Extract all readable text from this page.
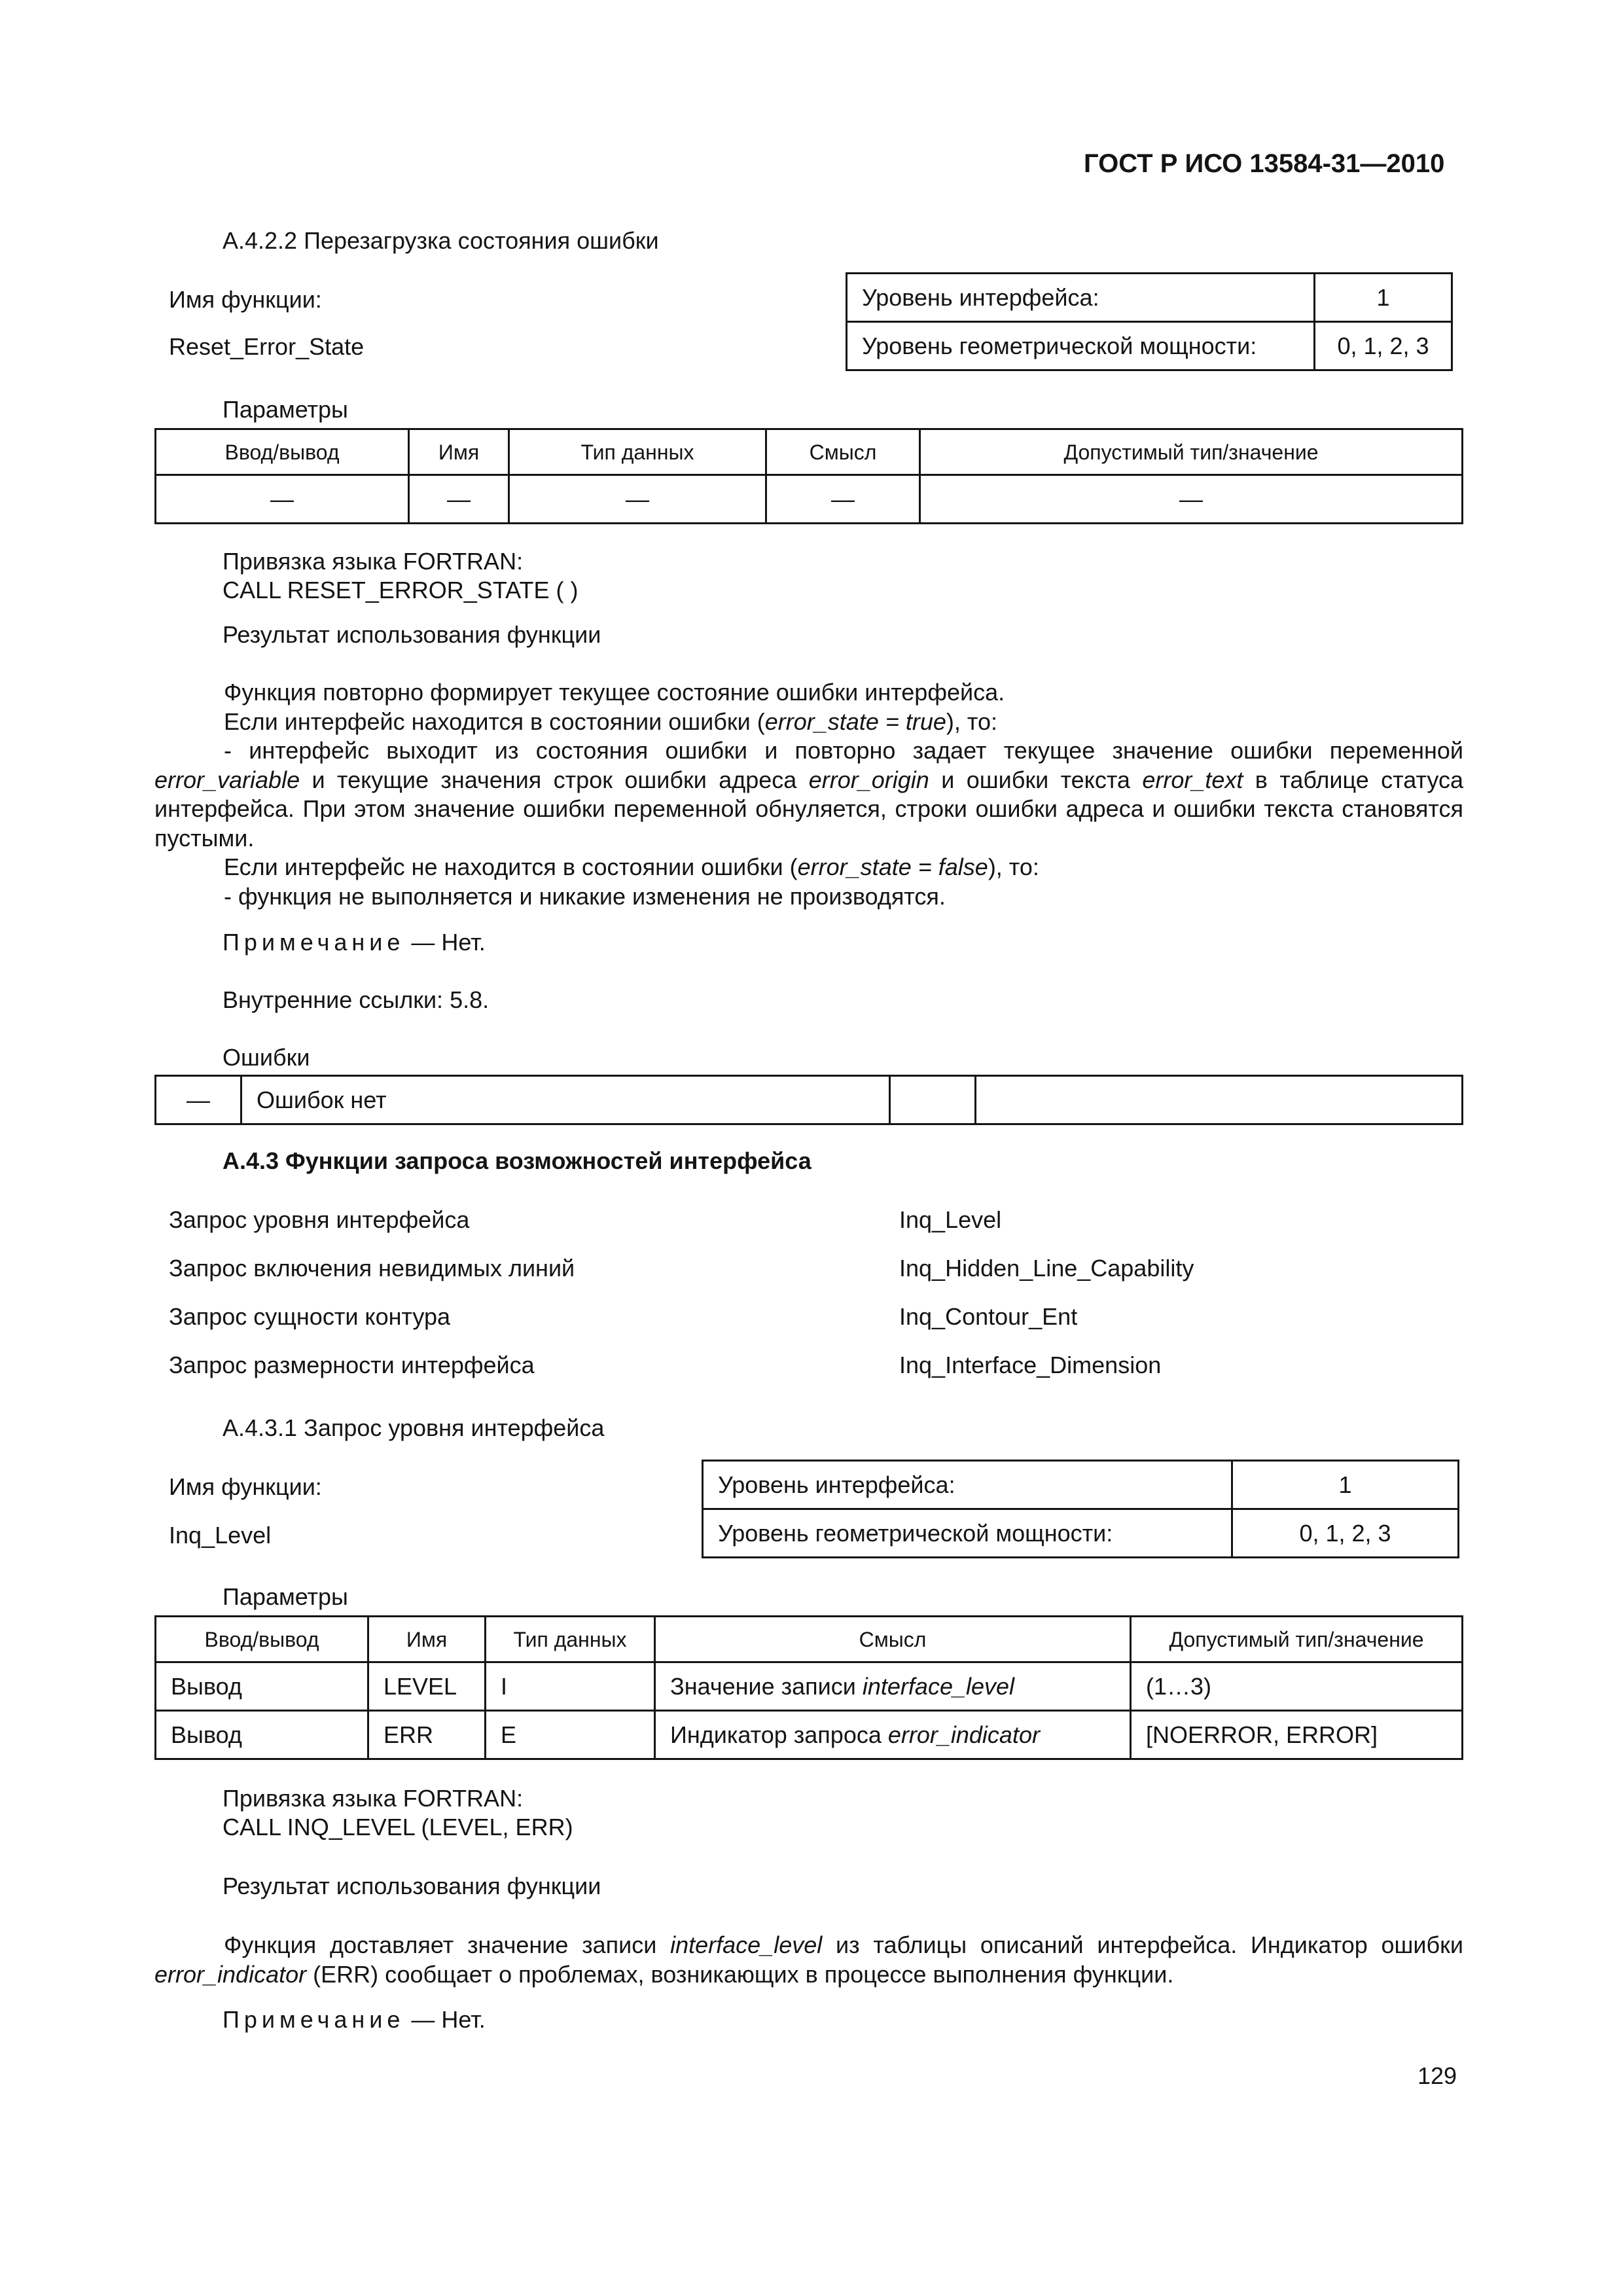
ГОСТ Р ИСО 13584-31—2010
А.4.2.2 Перезагрузка состояния ошибки
Имя функции:
Reset_Error_State
Уровень интерфейса:	1
Уровень геометрической мощности:	0, 1, 2, 3
Параметры
Ввод/вывод	Имя	Тип данных	Смысл	Допустимый тип/значение
—	—	—	—	—
Привязка языка FORTRAN:
CALL RESET_ERROR_STATE ( )
Результат использования функции

Функция повторно формирует текущее состояние ошибки интерфейса.

Если интерфейс находится в состоянии ошибки (error_state = true), то:

- интерфейс выходит из состояния ошибки и повторно задает текущее значение ошибки переменной error_variable и текущие значения строк ошибки адреса error_origin и ошибки текста error_text в таблице статуса интерфейса. При этом значение ошибки переменной обнуляется, строки ошибки адреса и ошибки текста становятся пустыми.

Если интерфейс не находится в состоянии ошибки (error_state = false), то:

- функция не выполняется и никакие изменения не производятся.

Примечание — Нет.
Внутренние ссылки: 5.8.
Ошибки
—	Ошибок нет		
А.4.3 Функции запроса возможностей интерфейса
Запрос уровня интерфейса	Inq_Level
Запрос включения невидимых линий	Inq_Hidden_Line_Capability
Запрос сущности контура	Inq_Contour_Ent
Запрос размерности интерфейса	Inq_Interface_Dimension
А.4.3.1 Запрос уровня интерфейса
Имя функции:
Inq_Level
Уровень интерфейса:	1
Уровень геометрической мощности:	0, 1, 2, 3
Параметры
Ввод/вывод	Имя	Тип данных	Смысл	Допустимый тип/значение
Вывод	LEVEL	I	Значение записи interface_level	(1…3)
Вывод	ERR	E	Индикатор запроса error_indicator	[NOERROR, ERROR]
Привязка языка FORTRAN:
CALL INQ_LEVEL (LEVEL, ERR)
Результат использования функции

Функция доставляет значение записи interface_level из таблицы описаний интерфейса. Индикатор ошибки error_indicator (ERR) сообщает о проблемах, возникающих в процессе выполнения функции.

Примечание — Нет.
129
